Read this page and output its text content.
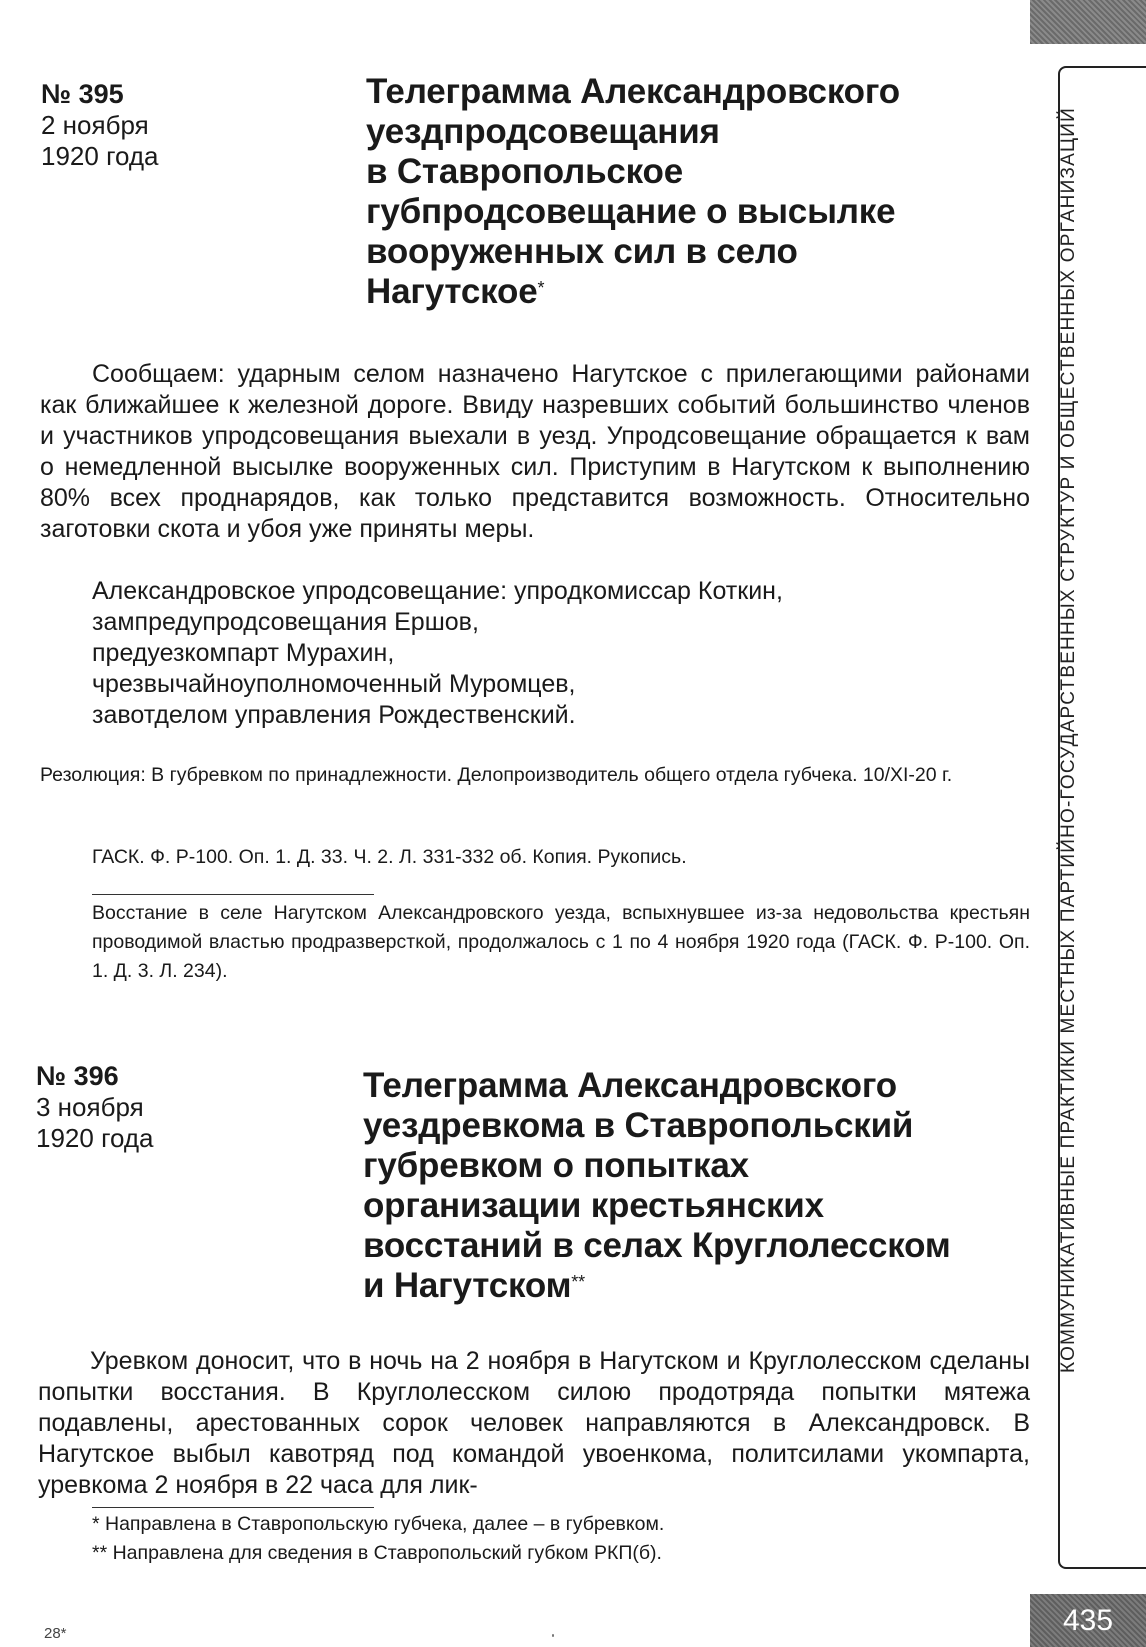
КОММУНИКАТИВНЫЕ ПРАКТИКИ МЕСТНЫХ ПАРТИЙНО-ГОСУДАРСТВЕННЫХ СТРУКТУР И ОБЩЕСТВЕННЫХ ОРГАНИЗАЦИЙ
435
№ 395
2 ноября
1920 года
Телеграмма Александровского
уездпродсовещания
в Ставропольское
губпродсовещание о высылке
вооруженных сил в село
Нагутское*
Сообщаем: ударным селом назначено Нагутское с прилегающими районами как ближайшее к железной дороге. Ввиду назревших событий большинство членов и участников упродсовещания выехали в уезд. Упродсовещание обращается к вам о немедленной высылке вооруженных сил. Приступим в Нагутском к выполнению 80% всех проднарядов, как только представится возможность. Относительно заготовки скота и убоя уже приняты меры.
Александровское упродсовещание: упродкомиссар Коткин,
зампредупродсовещания Ершов,
предуезкомпарт Мурахин,
чрезвычайноуполномоченный Муромцев,
завотделом управления Рождественский.
Резолюция: В губревком по принадлежности. Делопроизводитель общего отдела губчека. 10/XI-20 г.
ГАСК. Ф. Р-100. Оп. 1. Д. 33. Ч. 2. Л. 331-332 об. Копия. Рукопись.
Восстание в селе Нагутском Александровского уезда, вспыхнувшее из-за недовольства крестьян проводимой властью продразверсткой, продолжалось с 1 по 4 ноября 1920 года (ГАСК. Ф. Р-100. Оп. 1. Д. 3. Л. 234).
№ 396
3 ноября
1920 года
Телеграмма Александровского
уездревкома в Ставропольский
губревком о попытках
организации крестьянских
восстаний в селах Круглолесском
и Нагутском**
Уревком доносит, что в ночь на 2 ноября в Нагутском и Круглолесском сделаны попытки восстания. В Круглолесском силою продотряда попытки мятежа подавлены, арестованных сорок человек направляются в Александровск. В Нагутское выбыл кавотряд под командой увоенкома, политсилами укомпарта, уревкома 2 ноября в 22 часа для лик-
* Направлена в Ставропольскую губчека, далее – в губревком.
** Направлена для сведения в Ставропольский губком РКП(б).
28*
